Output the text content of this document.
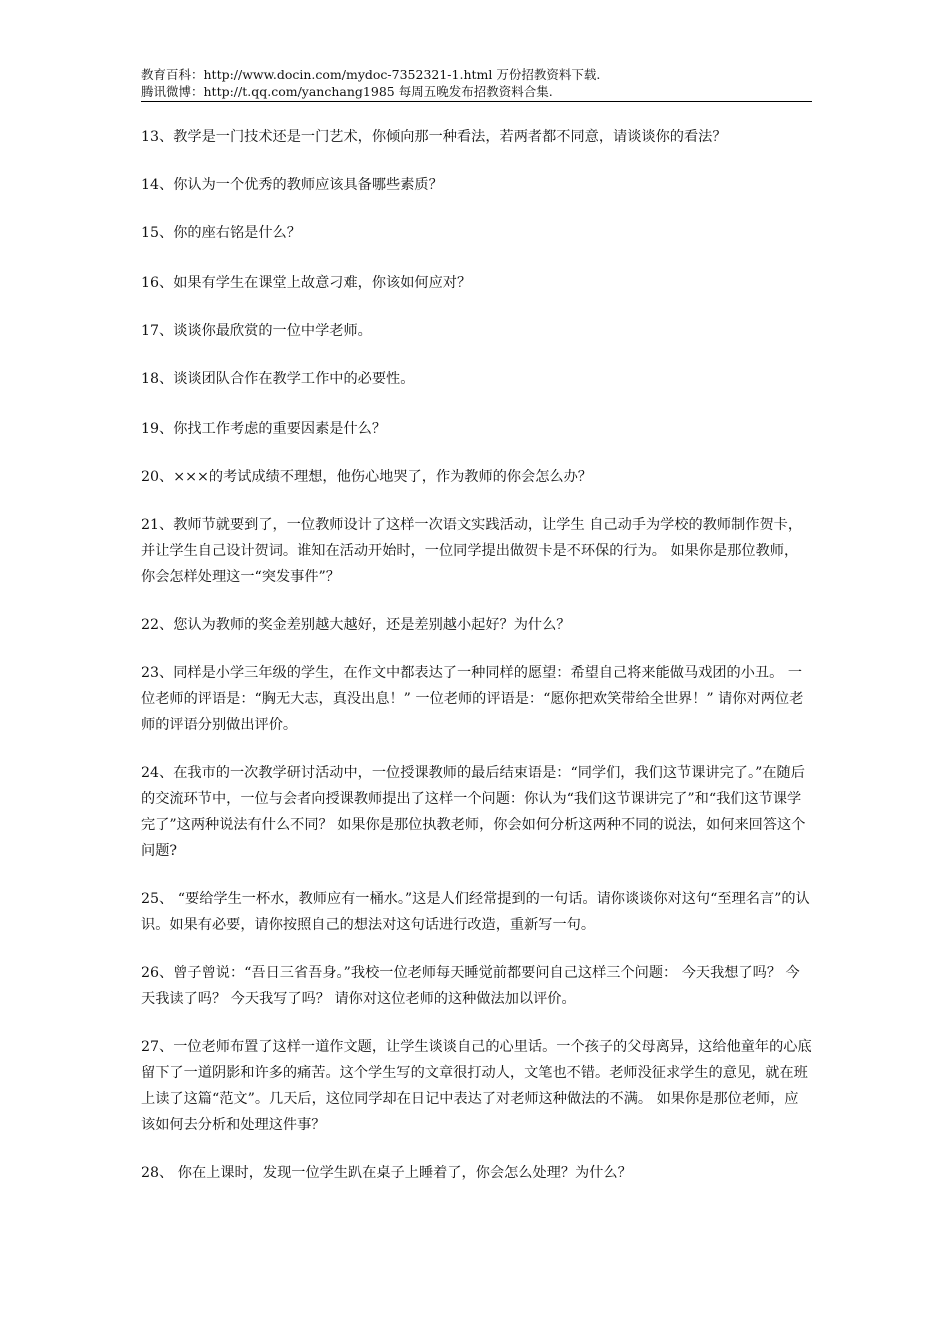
教育百科：http://www.docin.com/mydoc-7352321-1.html 万份招教资料下载.
腾讯微博：http://t.qq.com/yanchang1985 每周五晚发布招教资料合集.

13、教学是一门技术还是一门艺术，你倾向那一种看法，若两者都不同意，请谈谈你的看法？

14、你认为一个优秀的教师应该具备哪些素质？

15、你的座右铭是什么？

16、如果有学生在课堂上故意刁难，你该如何应对？

17、谈谈你最欣赏的一位中学老师。

18、谈谈团队合作在教学工作中的必要性。

19、你找工作考虑的重要因素是什么？

20、×××的考试成绩不理想，他伤心地哭了，作为教师的你会怎么办？

21、教师节就要到了，一位教师设计了这样一次语文实践活动，让学生 自己动手为学校的教师制作贺卡，并让学生自己设计贺词。谁知在活动开始时，一位同学提出做贺卡是不环保的行为。 如果你是那位教师，你会怎样处理这一“突发事件”？

22、您认为教师的奖金差别越大越好，还是差别越小起好？为什么？

23、同样是小学三年级的学生，在作文中都表达了一种同样的愿望：希望自己将来能做马戏团的小丑。 一位老师的评语是：“胸无大志，真没出息！” 一位老师的评语是：“愿你把欢笑带给全世界！” 请你对两位老师的评语分别做出评价。

24、在我市的一次教学研讨活动中，一位授课教师的最后结束语是：“同学们，我们这节课讲完了。”在随后的交流环节中，一位与会者向授课教师提出了这样一个问题：你认为“我们这节课讲完了”和“我们这节课学完了”这两种说法有什么不同？ 如果你是那位执教老师，你会如何分析这两种不同的说法，如何来回答这个问题?

25、 “要给学生一杯水，教师应有一桶水。”这是人们经常提到的一句话。请你谈谈你对这句“至理名言”的认识。如果有必要，请你按照自己的想法对这句话进行改造，重新写一句。

26、曾子曾说：“吾日三省吾身。”我校一位老师每天睡觉前都要问自己这样三个问题： 今天我想了吗？ 今天我读了吗？ 今天我写了吗？ 请你对这位老师的这种做法加以评价。

27、一位老师布置了这样一道作文题，让学生谈谈自己的心里话。一个孩子的父母离异，这给他童年的心底留下了一道阴影和许多的痛苦。这个学生写的文章很打动人，文笔也不错。老师没征求学生的意见，就在班上读了这篇“范文”。几天后，这位同学却在日记中表达了对老师这种做法的不满。 如果你是那位老师，应该如何去分析和处理这件事？

28、 你在上课时，发现一位学生趴在桌子上睡着了，你会怎么处理？为什么？
